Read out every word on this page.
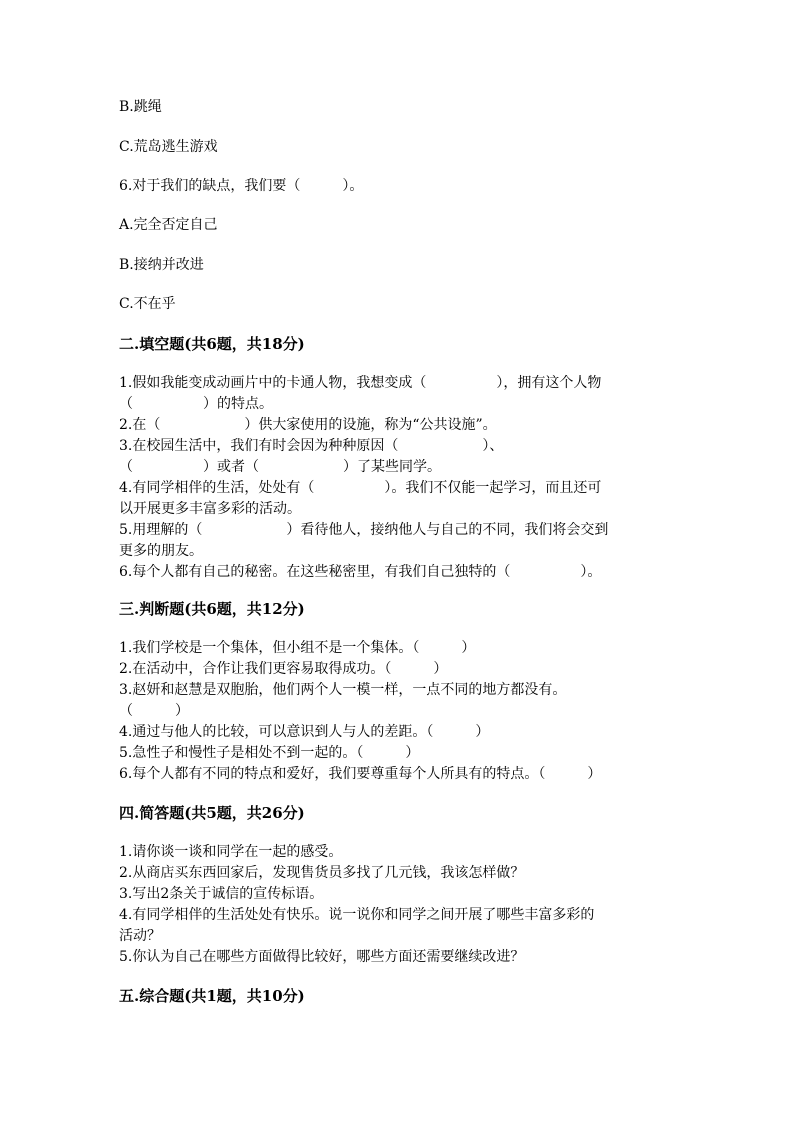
B.跳绳
C.荒岛逃生游戏
6.对于我们的缺点，我们要（　　　）。
A.完全否定自己
B.接纳并改进
C.不在乎
二.填空题(共6题，共18分)
1.假如我能变成动画片中的卡通人物，我想变成（　　　　　），拥有这个人物
（　　　　　）的特点。
2.在（　　　　　　）供大家使用的设施，称为“公共设施”。
3.在校园生活中，我们有时会因为种种原因（　　　　　　）、
（　　　　　）或者（　　　　　　）了某些同学。
4.有同学相伴的生活，处处有（　　　　　）。我们不仅能一起学习，而且还可
以开展更多丰富多彩的活动。
5.用理解的（　　　　　　）看待他人，接纳他人与自己的不同，我们将会交到
更多的朋友。
6.每个人都有自己的秘密。在这些秘密里，有我们自己独特的（　　　　　）。
三.判断题(共6题，共12分)
1.我们学校是一个集体，但小组不是一个集体。（　　　）
2.在活动中，合作让我们更容易取得成功。（　　　）
3.赵妍和赵慧是双胞胎，他们两个人一模一样，一点不同的地方都没有。
（　　　）
4.通过与他人的比较，可以意识到人与人的差距。（　　　）
5.急性子和慢性子是相处不到一起的。（　　　）
6.每个人都有不同的特点和爱好，我们要尊重每个人所具有的特点。（　　　）
四.简答题(共5题，共26分)
1.请你谈一谈和同学在一起的感受。
2.从商店买东西回家后，发现售货员多找了几元钱，我该怎样做？
3.写出2条关于诚信的宣传标语。
4.有同学相伴的生活处处有快乐。说一说你和同学之间开展了哪些丰富多彩的
活动？
5.你认为自己在哪些方面做得比较好，哪些方面还需要继续改进？
五.综合题(共1题，共10分)
